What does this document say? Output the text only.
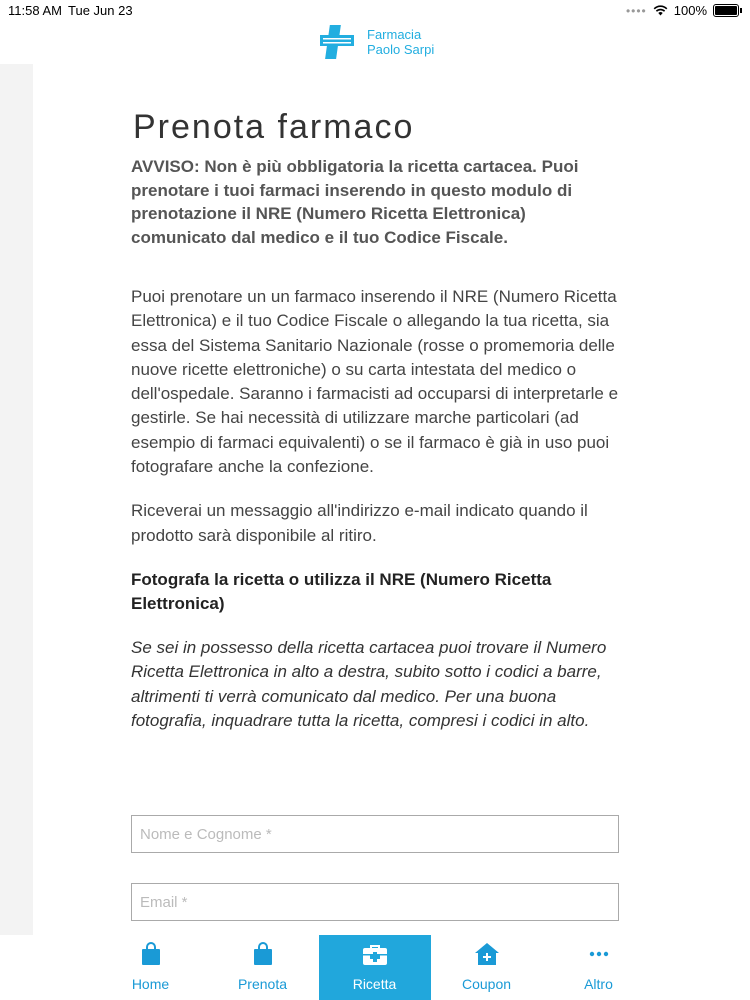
11:58 AM Tue Jun 23	•••• 100%
Farmacia
Paolo Sarpi
Prenota farmaco

AVVISO: Non è più obbligatoria la ricetta cartacea. Puoi prenotare i tuoi farmaci inserendo in questo modulo di prenotazione il NRE (Numero Ricetta Elettronica) comunicato dal medico e il tuo Codice Fiscale.

Puoi prenotare un un farmaco inserendo il NRE (Numero Ricetta Elettronica) e il tuo Codice Fiscale o allegando la tua ricetta, sia essa del Sistema Sanitario Nazionale (rosse o promemoria delle nuove ricette elettroniche) o su carta intestata del medico o dell'ospedale. Saranno i farmacisti ad occuparsi di interpretarle e gestirle. Se hai necessità di utilizzare marche particolari (ad esempio di farmaci equivalenti) o se il farmaco è già in uso puoi fotografare anche la confezione.

Riceverai un messaggio all'indirizzo e-mail indicato quando il prodotto sarà disponibile al ritiro.

Fotografa la ricetta o utilizza il NRE (Numero Ricetta Elettronica)

Se sei in possesso della ricetta cartacea puoi trovare il Numero Ricetta Elettronica in alto a destra, subito sotto i codici a barre, altrimenti ti verrà comunicato dal medico. Per una buona fotografia, inquadrare tutta la ricetta, compresi i codici in alto.

Nome e Cognome *
Email *
Home	Prenota	Ricetta	Coupon	Altro
